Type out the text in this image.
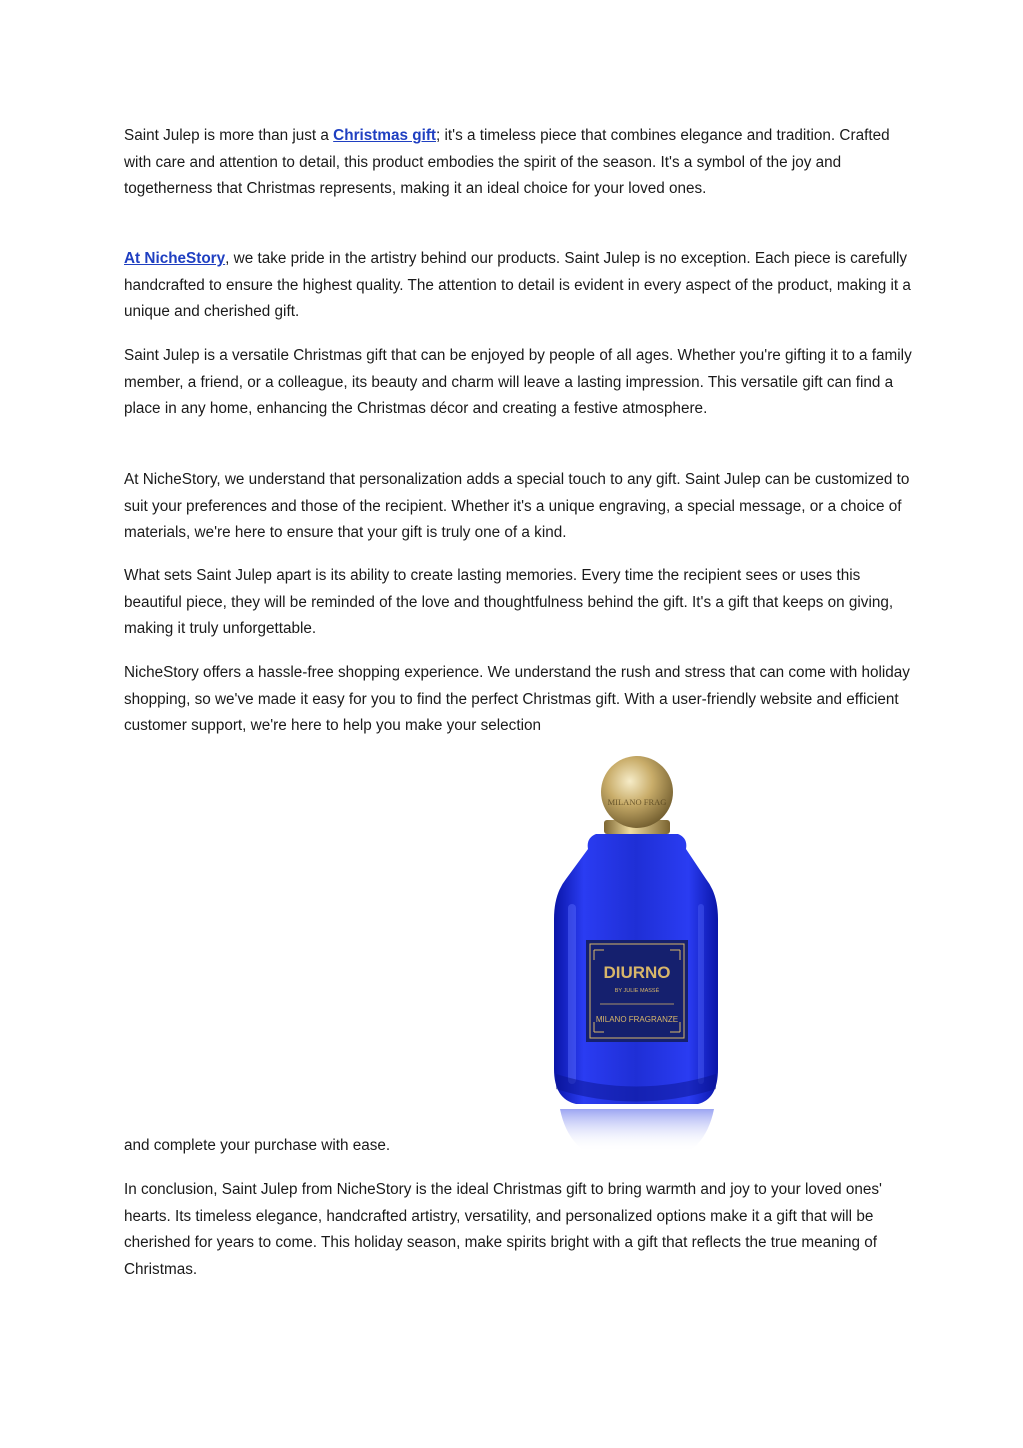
Saint Julep is more than just a Christmas gift; it's a timeless piece that combines elegance and tradition. Crafted with care and attention to detail, this product embodies the spirit of the season. It's a symbol of the joy and togetherness that Christmas represents, making it an ideal choice for your loved ones.

At NicheStory, we take pride in the artistry behind our products. Saint Julep is no exception. Each piece is carefully handcrafted to ensure the highest quality. The attention to detail is evident in every aspect of the product, making it a unique and cherished gift.

Saint Julep is a versatile Christmas gift that can be enjoyed by people of all ages. Whether you're gifting it to a family member, a friend, or a colleague, its beauty and charm will leave a lasting impression. This versatile gift can find a place in any home, enhancing the Christmas décor and creating a festive atmosphere.

At NicheStory, we understand that personalization adds a special touch to any gift. Saint Julep can be customized to suit your preferences and those of the recipient. Whether it's a unique engraving, a special message, or a choice of materials, we're here to ensure that your gift is truly one of a kind.

What sets Saint Julep apart is its ability to create lasting memories. Every time the recipient sees or uses this beautiful piece, they will be reminded of the love and thoughtfulness behind the gift. It's a gift that keeps on giving, making it truly unforgettable.

NicheStory offers a hassle-free shopping experience. We understand the rush and stress that can come with holiday shopping, so we've made it easy for you to find the perfect Christmas gift. With a user-friendly website and efficient customer support, we're here to help you make your selection

MILANO FRAG
DIURNO
BY JULIE MASSÉ
MILANO FRAGRANZE

and complete your purchase with ease.

In conclusion, Saint Julep from NicheStory is the ideal Christmas gift to bring warmth and joy to your loved ones' hearts. Its timeless elegance, handcrafted artistry, versatility, and personalized options make it a gift that will be cherished for years to come. This holiday season, make spirits bright with a gift that reflects the true meaning of Christmas.
